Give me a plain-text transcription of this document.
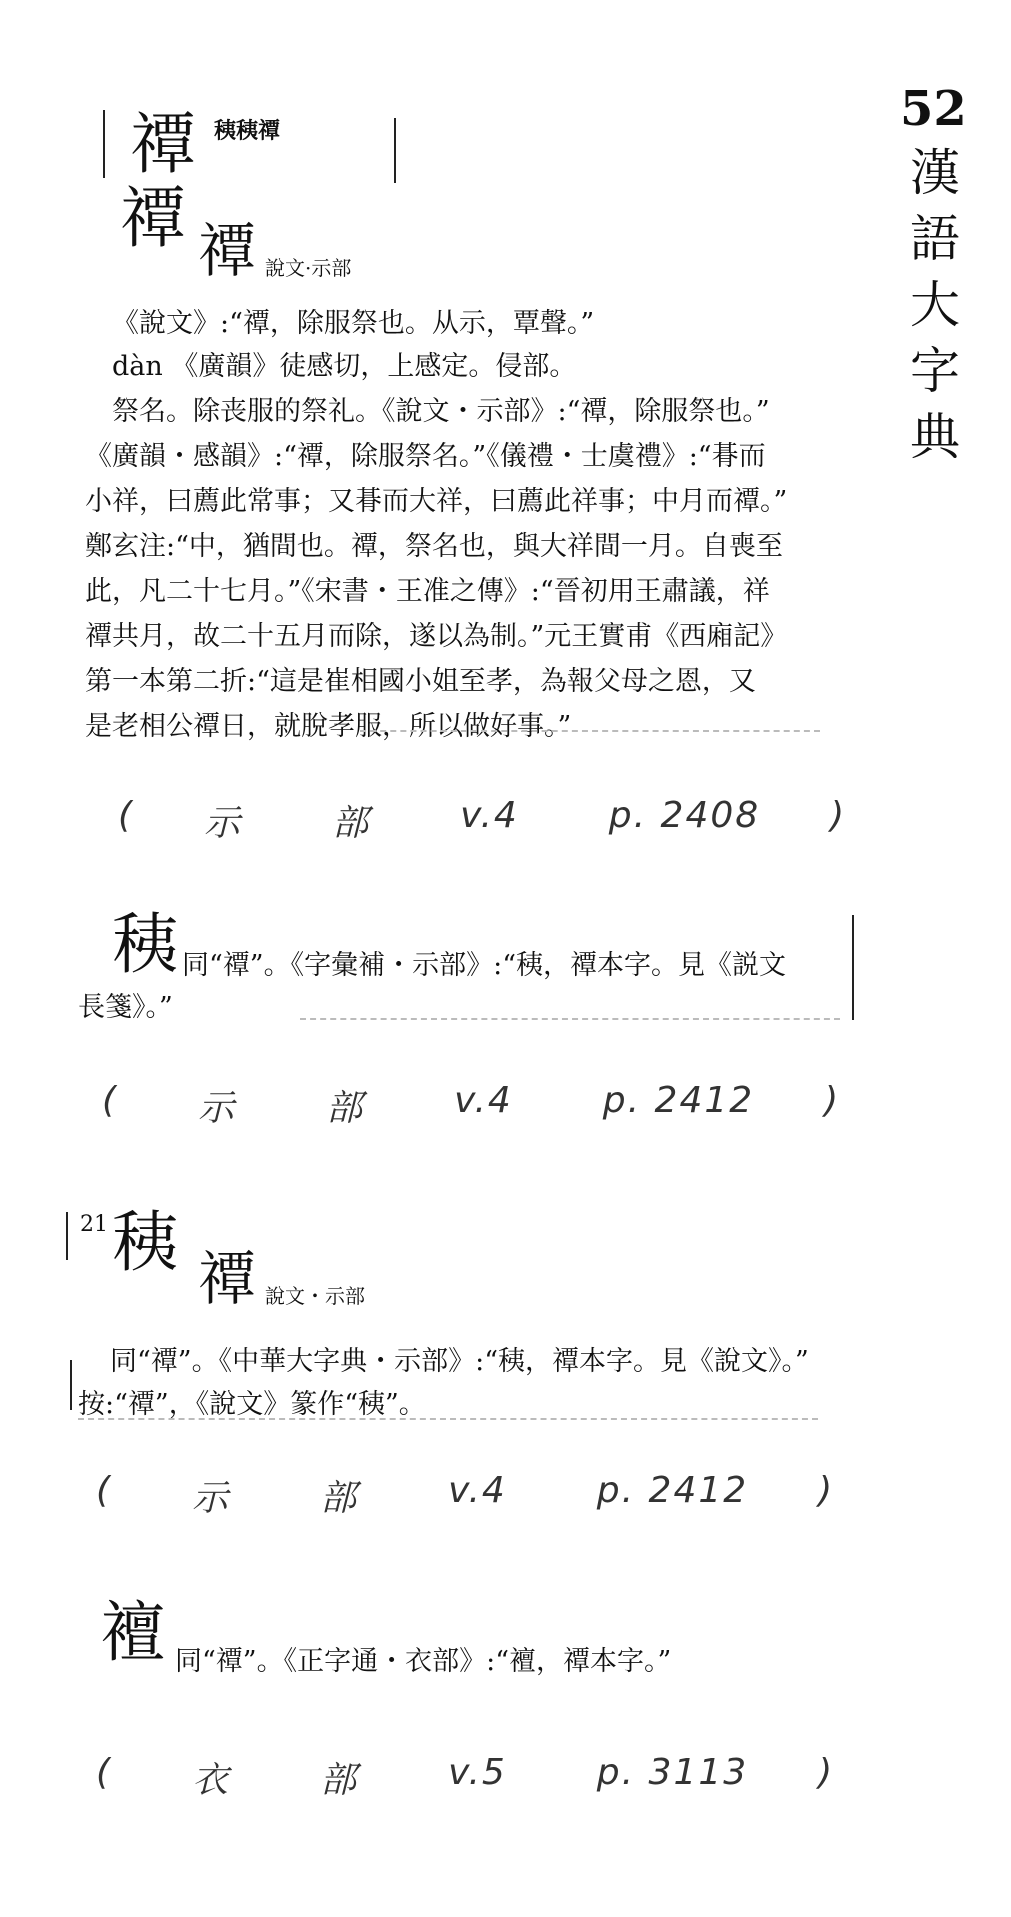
52
漢
語
大
字
典
禫 䄺䄺禫
禫 禫 說文·示部
《說文》:“禫，除服祭也。从示，覃聲。”
dàn 《廣韻》徒感切，上感定。侵部。
祭名。除丧服的祭礼。《說文・示部》:“禫，除服祭也。”
《廣韻・感韻》:“禫，除服祭名。”《儀禮・士虞禮》:“朞而
小祥，曰薦此常事；又朞而大祥，曰薦此祥事；中月而禫。”
鄭玄注:“中，猶間也。禫，祭名也，與大祥間一月。自喪至
此，凡二十七月。”《宋書・王准之傳》:“晉初用王肅議，祥
禫共月，故二十五月而除，遂以為制。”元王實甫《西廂記》
第一本第二折:“這是崔相國小姐至孝，為報父母之恩，又
是老相公禫日，就脫孝服，所以做好事。”
( 示	部	v.4	p. 2408 )
䄺 同“禫”。《字彙補・示部》:“䄺，禫本字。見《説文
長箋》。”
( 示	部	v.4	p. 2412 )
21 䄺 禫 說文・示部
同“禫”。《中華大字典・示部》:“䄺，禫本字。見《說文》。”
按:“禫”，《說文》篆作“䄺”。
( 示	部	v.4	p. 2412 )
襢 同“禫”。《正字通・衣部》:“襢，禫本字。”
( 衣	部	v.5	p. 3113 )
